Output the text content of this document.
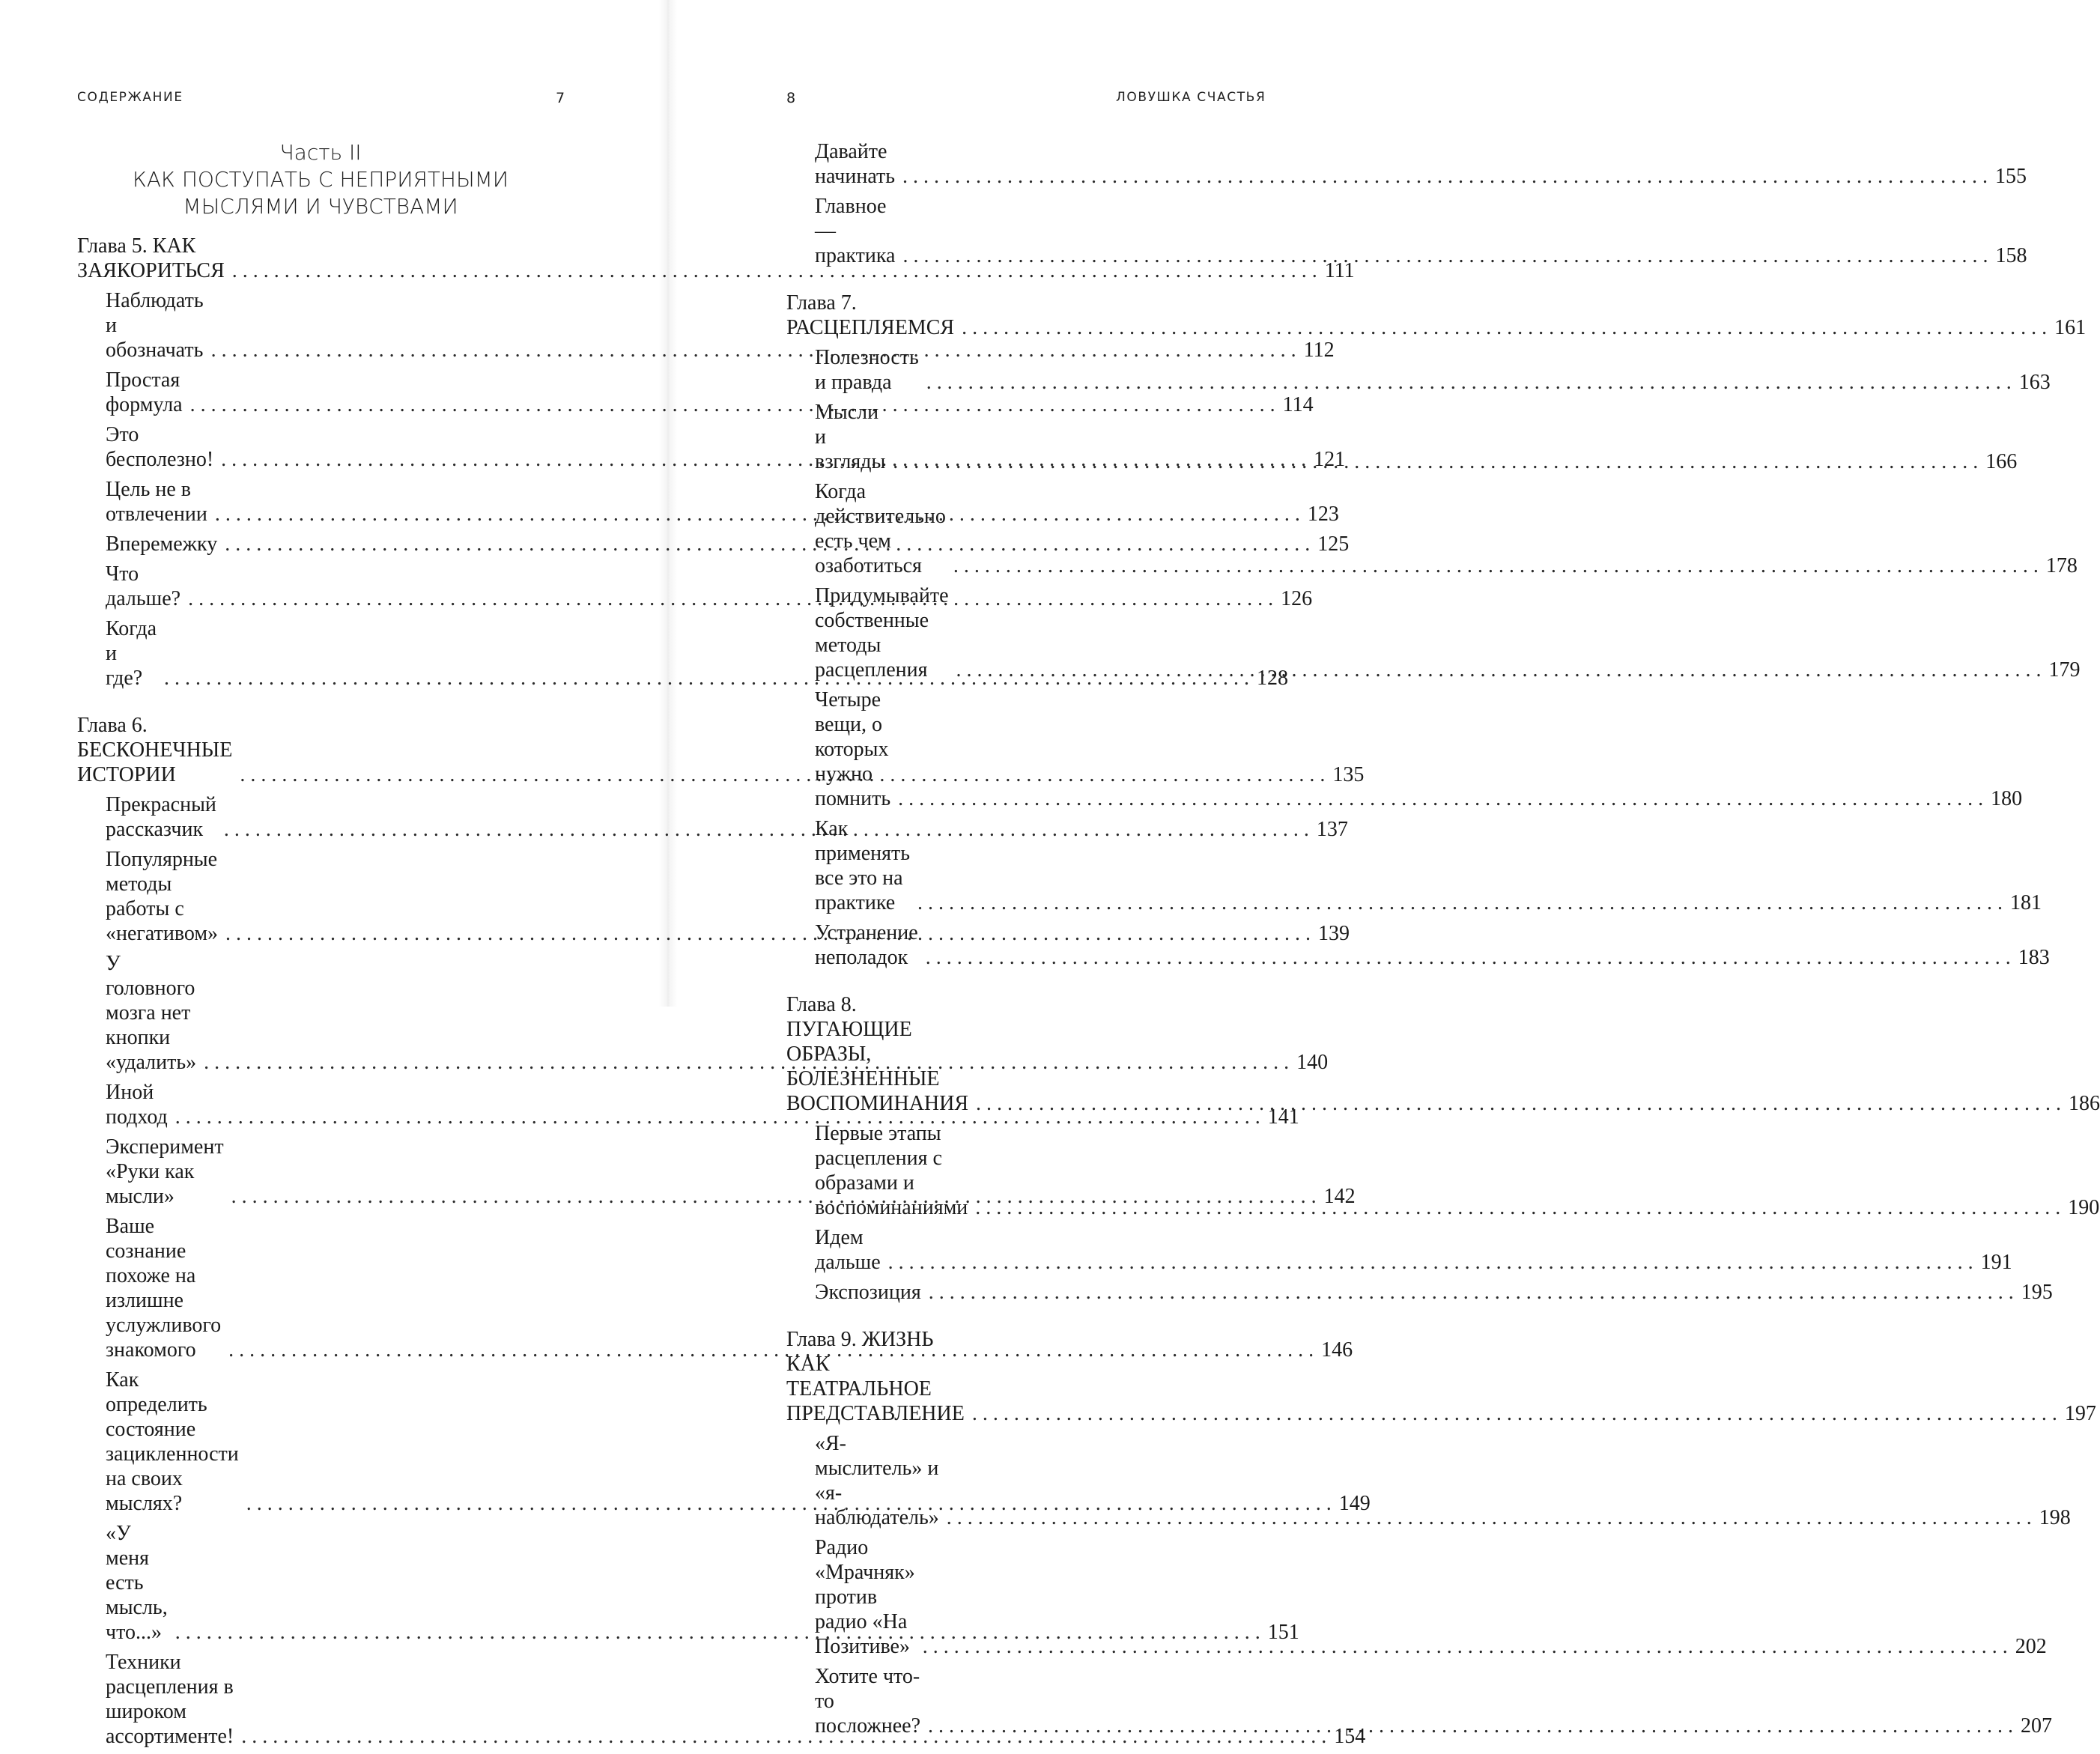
СОДЕРЖАНИЕ	7
Часть II
КАК ПОСТУПАТЬ С НЕПРИЯТНЫМИ
МЫСЛЯМИ И ЧУВСТВАМИ
Глава 5. КАК ЗАЯКОРИТЬСЯ . . .	111
Наблюдать и обозначать . . .	112
Простая формула . . .	114
Это бесполезно! . . .	121
Цель не в отвлечении . . .	123
Вперемежку . . .	125
Что дальше? . . .	126
Когда и где? . . .	128
Глава 6. БЕСКОНЕЧНЫЕ ИСТОРИИ . . .	135
Прекрасный рассказчик . . .	137
Популярные методы работы с «негативом» . . .	139
У головного мозга нет кнопки «удалить» . . .	140
Иной подход . . .	141
Эксперимент «Руки как мысли» . . .	142
Ваше сознание похоже на излишне услужливого знакомого . . .	146
Как определить состояние зацикленности на своих мыслях? . . .	149
«У меня есть мысль, что...» . . .	151
Техники расцепления в широком ассортименте! . . .	154
8	ЛОВУШКА СЧАСТЬЯ
Давайте начинать . . .	155
Главное — практика . . .	158
Глава 7. РАСЦЕПЛЯЕМСЯ . . .	161
Полезность и правда . . .	163
Мысли и взгляды . . .	166
Когда действительно есть чем озаботиться . . .	178
Придумывайте собственные методы расцепления . . .	179
Четыре вещи, о которых нужно помнить . . .	180
Как применять все это на практике . . .	181
Устранение неполадок . . .	183
Глава 8. ПУГАЮЩИЕ ОБРАЗЫ, БОЛЕЗНЕННЫЕ ВОСПОМИНАНИЯ . . .	186
Первые этапы расцепления с образами и воспоминаниями . . .	190
Идем дальше . . .	191
Экспозиция . . .	195
Глава 9. ЖИЗНЬ КАК ТЕАТРАЛЬНОЕ ПРЕДСТАВЛЕНИЕ . . .	197
«Я-мыслитель» и «я-наблюдатель» . . .	198
Радио «Мрачняк» против радио «На Позитиве» . . .	202
Хотите что-то посложнее? . . .	207
